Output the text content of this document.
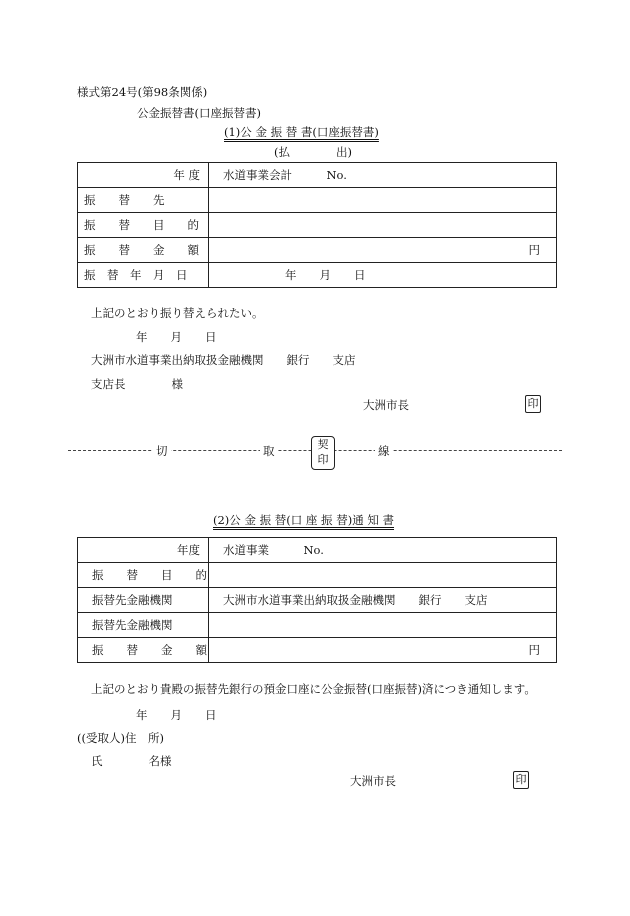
様式第24号(第98条関係)
公金振替書(口座振替書)
(1)公 金 振 替 書(口座振替書)
(払	出)
年 度	水道事業会計　　　No.
振　　替　　先	
振　　替　　目　　的	
振　　替　　金　　額	円
振　替　年　月　日	年　　月　　日
上記のとおり振り替えられたい。
年　　月　　日
大洲市水道事業出納取扱金融機関　　銀行　　支店
支店長　　　　様
大洲市長	印
切	取	線
契
印
(2)公 金 振 替(口 座 振 替)通 知 書
年度	水道事業　　　No.
振　　替　　目　　的	
振替先金融機関	大洲市水道事業出納取扱金融機関　　銀行　　支店
振替先金融機関	
振　　替　　金　　額	円
上記のとおり貴殿の振替先銀行の預金口座に公金振替(口座振替)済につき通知します。
年　　月　　日
((受取人)住　所)
氏　　　　名様
大洲市長	印
